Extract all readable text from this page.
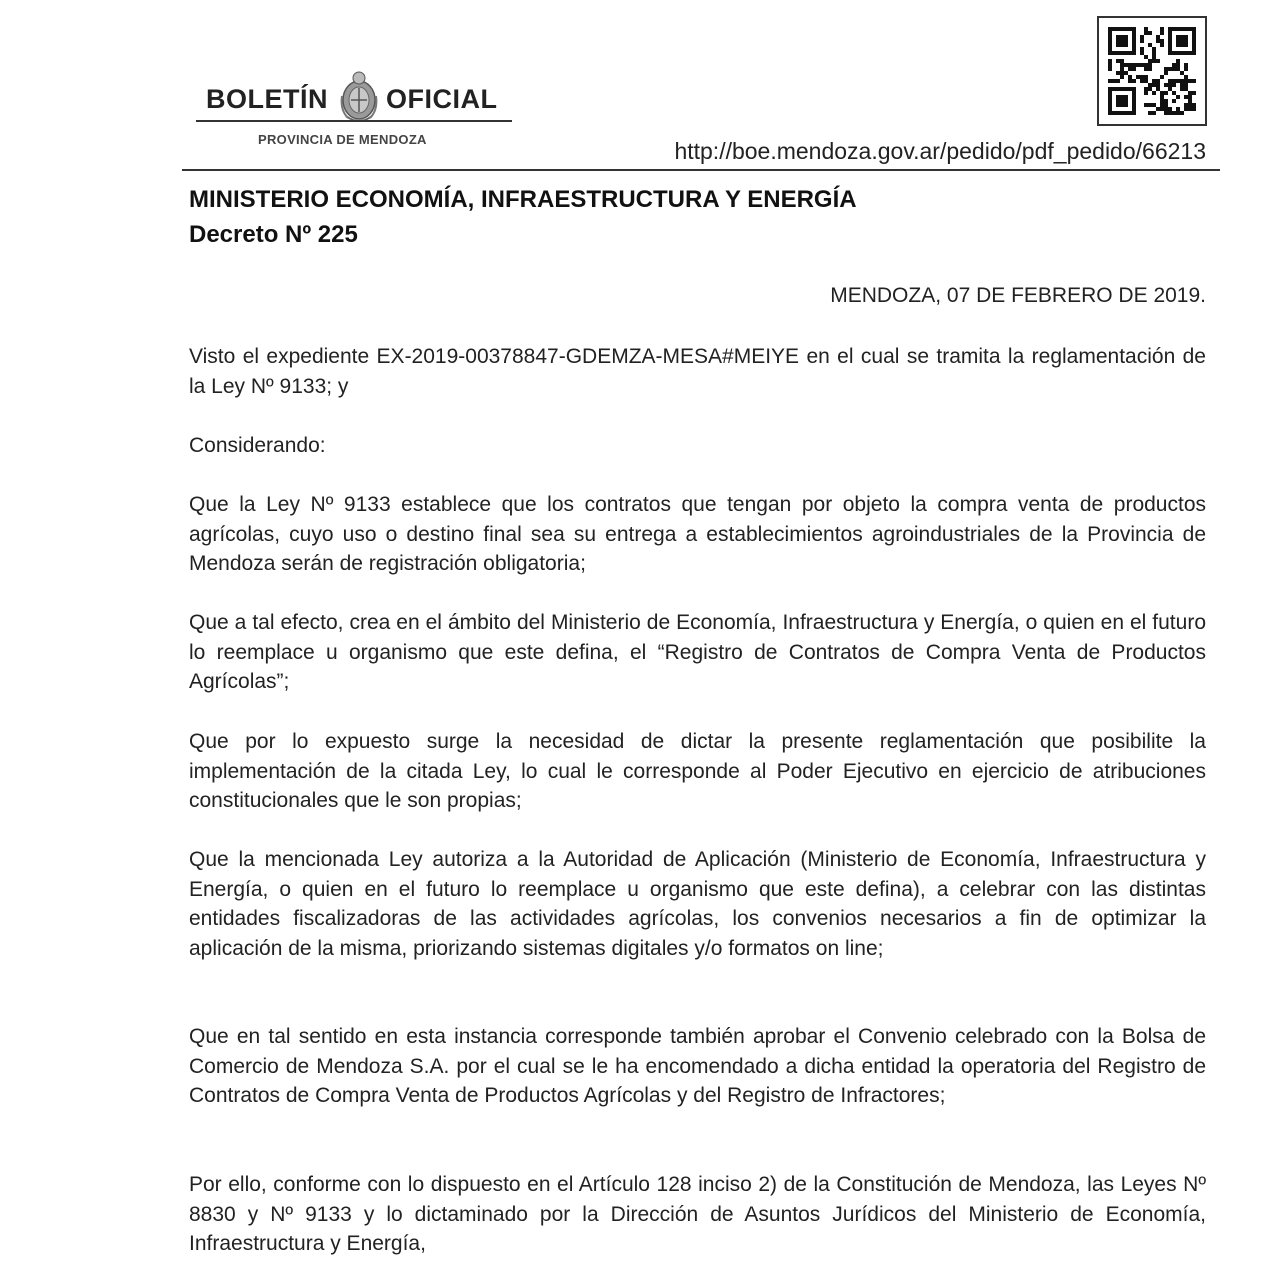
BOLETÍN OFICIAL
PROVINCIA DE MENDOZA	http://boe.mendoza.gov.ar/pedido/pdf_pedido/66213
MINISTERIO ECONOMÍA, INFRAESTRUCTURA Y ENERGÍA
Decreto Nº 225
MENDOZA, 07 DE FEBRERO DE 2019.

Visto el expediente EX-2019-00378847-GDEMZA-MESA#MEIYE en el cual se tramita la reglamentación de la Ley Nº 9133; y

Considerando:

Que la Ley Nº 9133 establece que los contratos que tengan por objeto la compra venta de productos agrícolas, cuyo uso o destino final sea su entrega a establecimientos agroindustriales de la Provincia de Mendoza serán de registración obligatoria;

Que a tal efecto, crea en el ámbito del Ministerio de Economía, Infraestructura y Energía, o quien en el futuro lo reemplace u organismo que este defina, el “Registro de Contratos de Compra Venta de Productos Agrícolas”;

Que por lo expuesto surge la necesidad de dictar la presente reglamentación que posibilite la implementación de la citada Ley, lo cual le corresponde al Poder Ejecutivo en ejercicio de atribuciones constitucionales que le son propias;

Que la mencionada Ley autoriza a la Autoridad de Aplicación (Ministerio de Economía, Infraestructura y Energía, o quien en el futuro lo reemplace u organismo que este defina), a celebrar con las distintas entidades fiscalizadoras de las actividades agrícolas, los convenios necesarios a fin de optimizar la aplicación de la misma, priorizando sistemas digitales y/o formatos on line;

Que en tal sentido en esta instancia corresponde también aprobar el Convenio celebrado con la Bolsa de Comercio de Mendoza S.A. por el cual se le ha encomendado a dicha entidad la operatoria del Registro de Contratos de Compra Venta de Productos Agrícolas y del Registro de Infractores;

Por ello, conforme con lo dispuesto en el Artículo 128 inciso 2) de la Constitución de Mendoza, las Leyes Nº 8830 y Nº 9133 y lo dictaminado por la Dirección de Asuntos Jurídicos del Ministerio de Economía, Infraestructura y Energía,
